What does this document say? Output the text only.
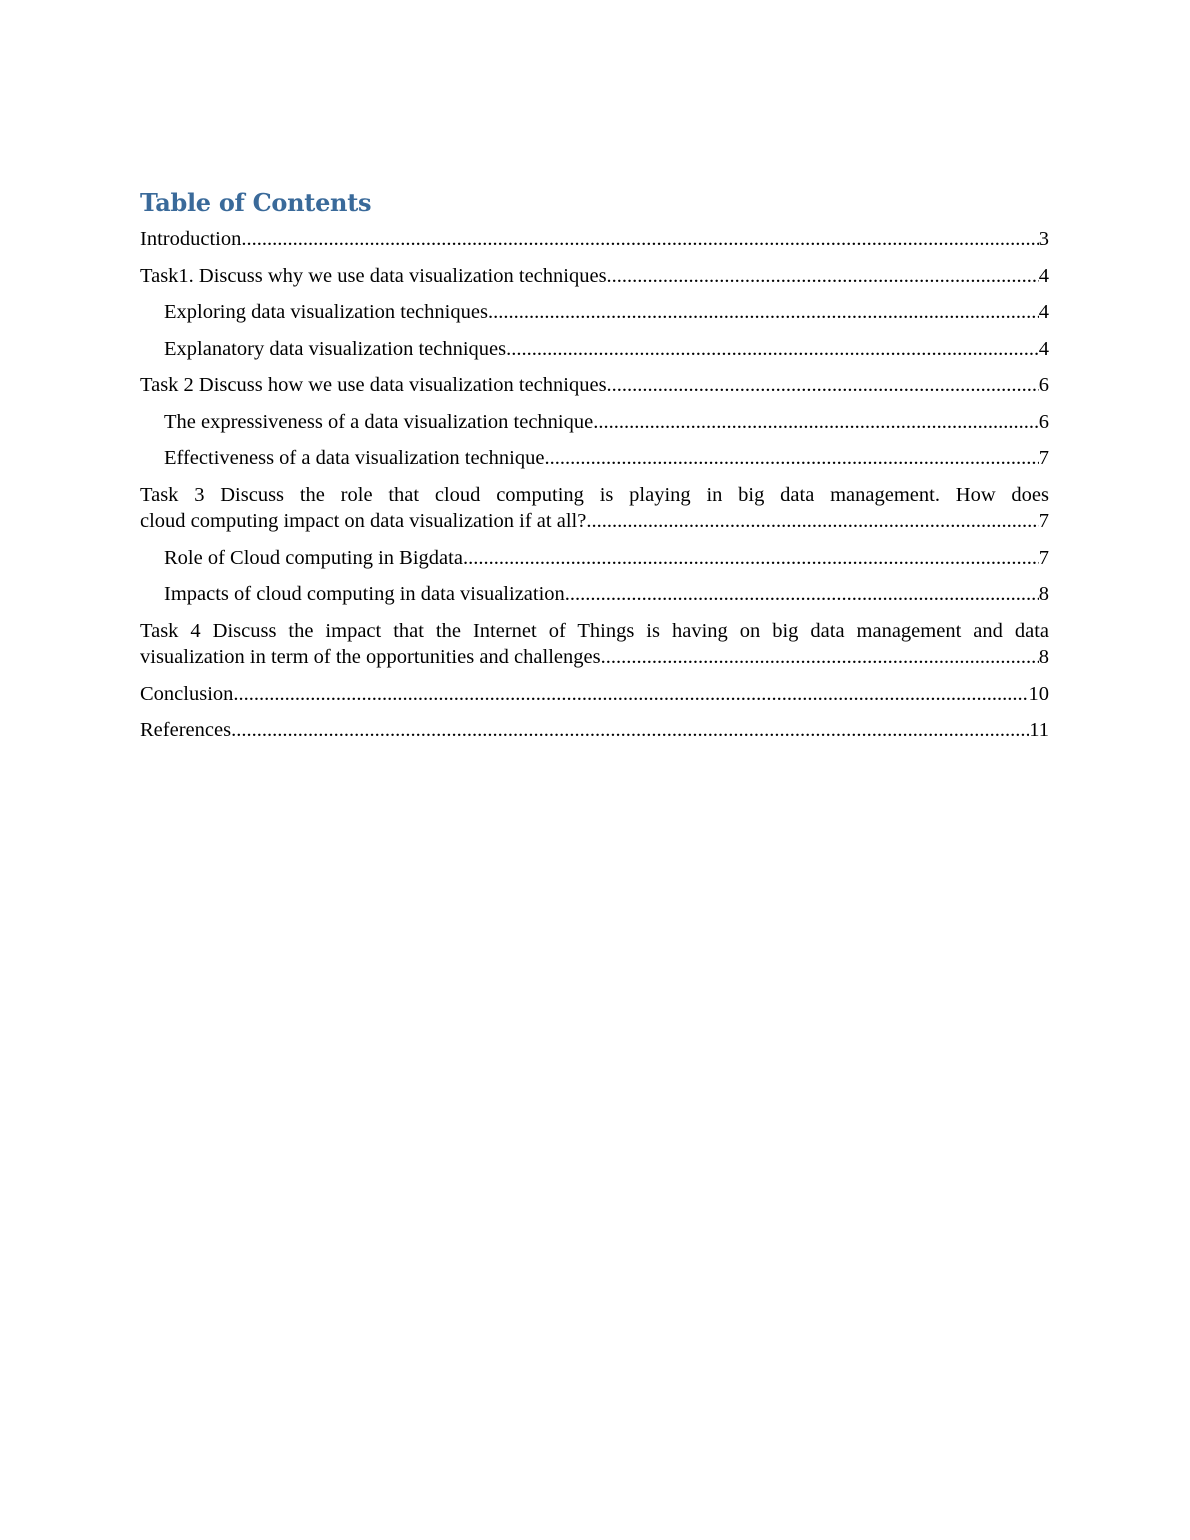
Table of Contents
Introduction .....	3
Task1. Discuss why we use data visualization techniques .....	4
Exploring data visualization techniques .....	4
Explanatory data visualization techniques .....	4
Task 2 Discuss how we use data visualization techniques .....	6
The expressiveness of a data visualization technique .....	6
Effectiveness of a data visualization technique .....	7
Task 3 Discuss the role that cloud computing is playing in big data management. How does
cloud computing impact on data visualization if at all? .....	7
Role of Cloud computing in Bigdata .....	7
Impacts of cloud computing in data visualization .....	8
Task 4 Discuss the impact that the Internet of Things is having on big data management and data
visualization in term of the opportunities and challenges .....	8
Conclusion .....	10
References .....	11
